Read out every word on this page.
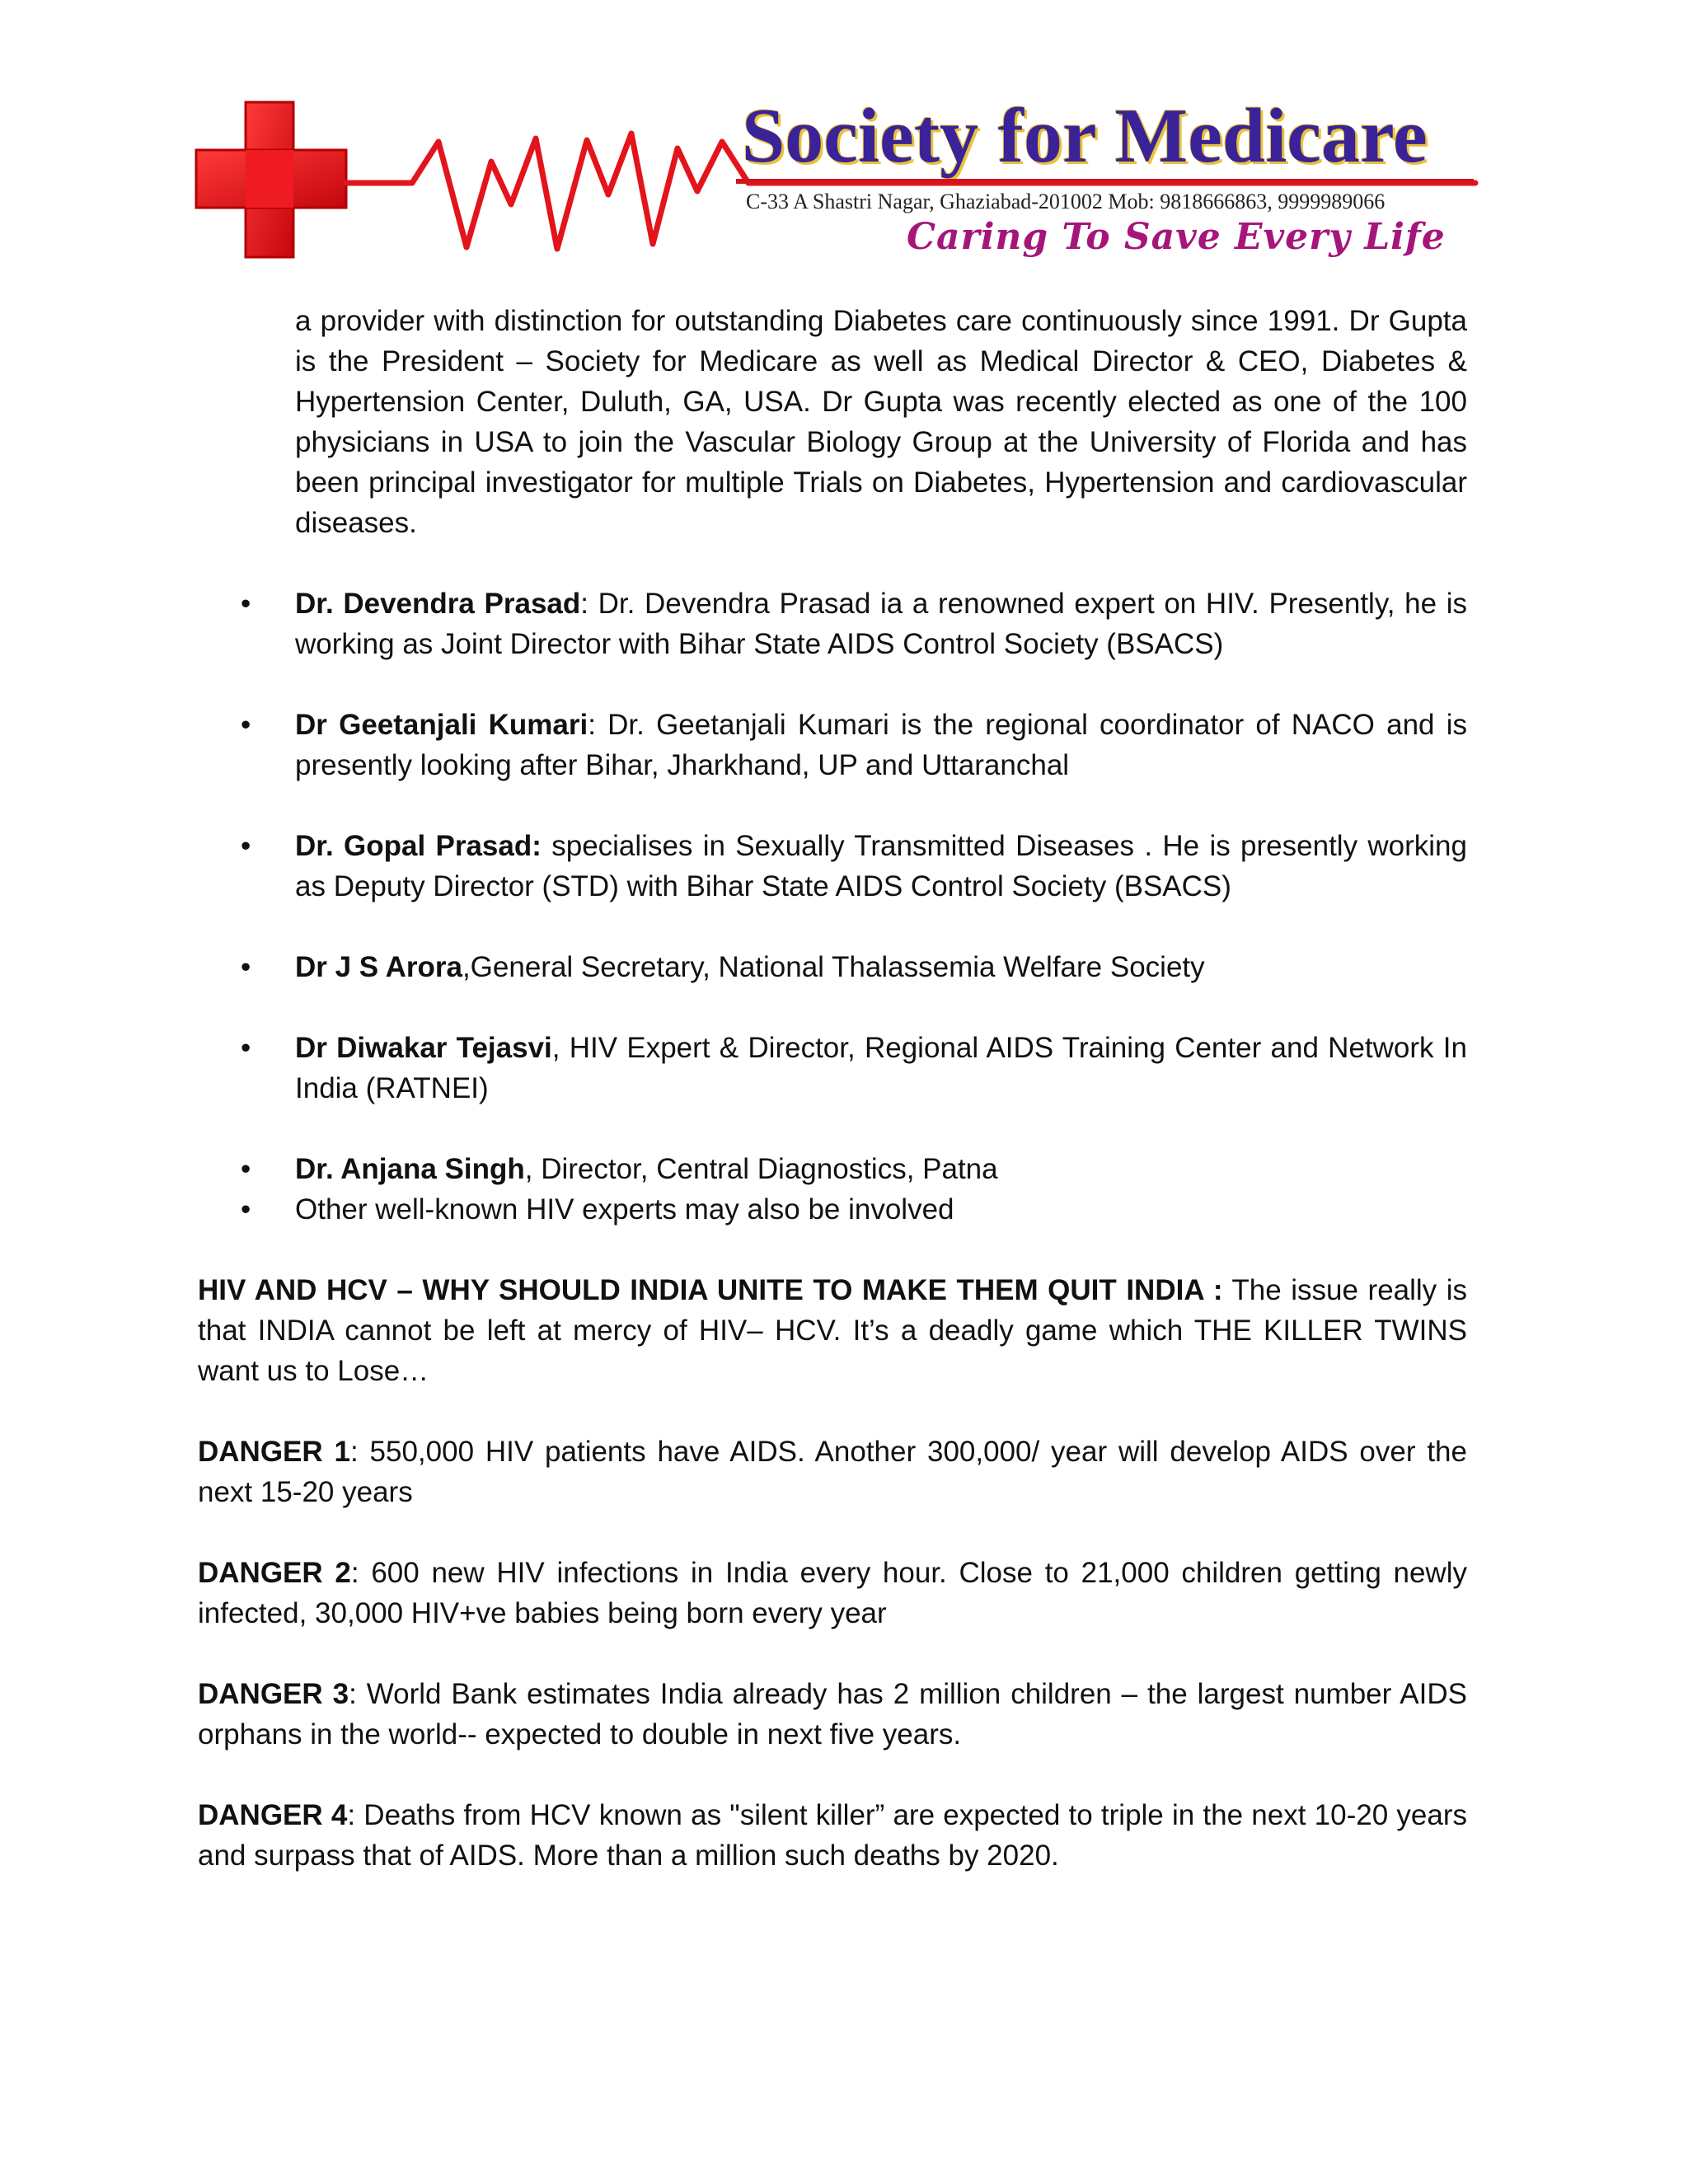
Society for Medicare
C-33 A Shastri Nagar, Ghaziabad-201002 Mob: 9818666863, 9999989066
Caring To Save Every Life

a provider with distinction for outstanding Diabetes care continuously since 1991. Dr Gupta is the President – Society for Medicare as well as Medical Director & CEO, Diabetes & Hypertension Center, Duluth, GA, USA. Dr Gupta was recently elected as one of the 100 physicians in USA to join the Vascular Biology Group at the University of Florida and has been principal investigator for multiple Trials on Diabetes, Hypertension and cardiovascular diseases.

• Dr. Devendra Prasad: Dr. Devendra Prasad ia a renowned expert on HIV. Presently, he is working as Joint Director with Bihar State AIDS Control Society (BSACS)
• Dr Geetanjali Kumari: Dr. Geetanjali Kumari is the regional coordinator of NACO and is presently looking after Bihar, Jharkhand, UP and Uttaranchal
• Dr. Gopal Prasad: specialises in Sexually Transmitted Diseases . He is presently working as Deputy Director (STD) with Bihar State AIDS Control Society (BSACS)
• Dr J S Arora,General Secretary, National Thalassemia Welfare Society
• Dr Diwakar Tejasvi, HIV Expert & Director, Regional AIDS Training Center and Network In India (RATNEI)
• Dr. Anjana Singh, Director, Central Diagnostics, Patna
• Other well-known HIV experts may also be involved

HIV AND HCV – WHY SHOULD INDIA UNITE TO MAKE THEM QUIT INDIA : The issue really is that INDIA cannot be left at mercy of HIV– HCV. It’s a deadly game which THE KILLER TWINS want us to Lose…

DANGER 1: 550,000 HIV patients have AIDS. Another 300,000/ year will develop AIDS over the next 15-20 years

DANGER 2: 600 new HIV infections in India every hour. Close to 21,000 children getting newly infected, 30,000 HIV+ve babies being born every year

DANGER 3: World Bank estimates India already has 2 million children – the largest number AIDS orphans in the world-- expected to double in next five years.

DANGER 4: Deaths from HCV known as "silent killer” are expected to triple in the next 10-20 years and surpass that of AIDS. More than a million such deaths by 2020.
